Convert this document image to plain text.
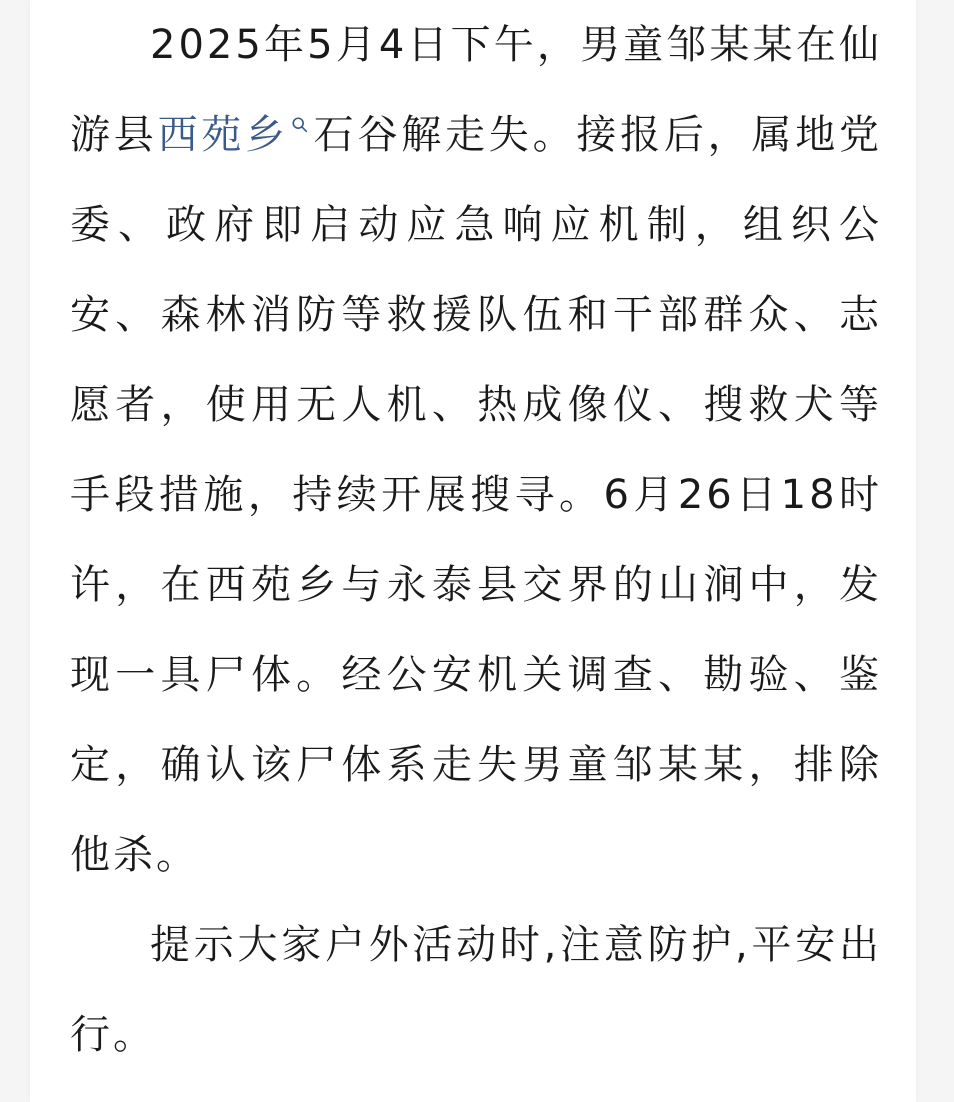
2025年5月4日下午，男童邹某某在仙游县西苑乡 石谷解走失。接报后，属地党委、政府即启动应急响应机制，组织公安、森林消防等救援队伍和干部群众、志愿者，使用无人机、热成像仪、搜救犬等手段措施，持续开展搜寻。6月26日18时许，在西苑乡与永泰县交界的山涧中，发现一具尸体。经公安机关调查、勘验、鉴定，确认该尸体系走失男童邹某某，排除他杀。

提示大家户外活动时,注意防护,平安出行。
